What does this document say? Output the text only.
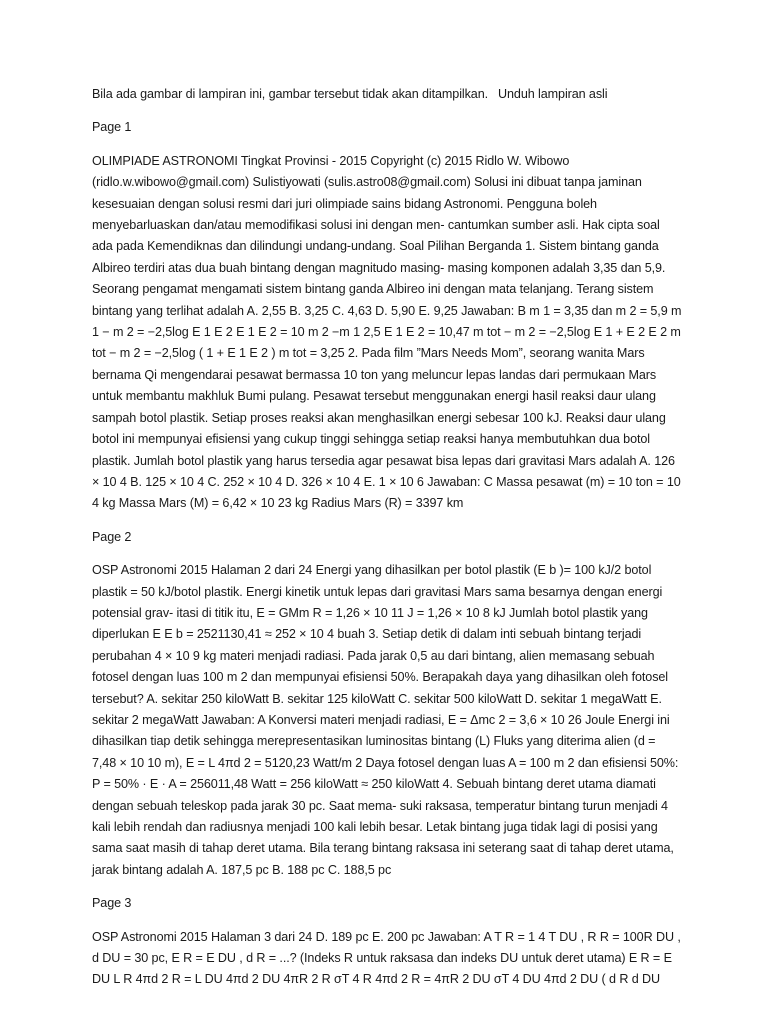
Bila ada gambar di lampiran ini, gambar tersebut tidak akan ditampilkan. Unduh lampiran asli

Page 1

OLIMPIADE ASTRONOMI Tingkat Provinsi - 2015 Copyright (c) 2015 Ridlo W. Wibowo (ridlo.w.wibowo@gmail.com) Sulistiyowati (sulis.astro08@gmail.com) Solusi ini dibuat tanpa jaminan kesesuaian dengan solusi resmi dari juri olimpiade sains bidang Astronomi. Pengguna boleh menyebarluaskan dan/atau memodifikasi solusi ini dengan men- cantumkan sumber asli. Hak cipta soal ada pada Kemendiknas dan dilindungi undang-undang. Soal Pilihan Berganda 1. Sistem bintang ganda Albireo terdiri atas dua buah bintang dengan magnitudo masing- masing komponen adalah 3,35 dan 5,9. Seorang pengamat mengamati sistem bintang ganda Albireo ini dengan mata telanjang. Terang sistem bintang yang terlihat adalah A. 2,55 B. 3,25 C. 4,63 D. 5,90 E. 9,25 Jawaban: B m 1 = 3,35 dan m 2 = 5,9 m 1 − m 2 = −2,5log E 1 E 2 E 1 E 2 = 10 m 2 −m 1 2,5 E 1 E 2 = 10,47 m tot − m 2 = −2,5log E 1 + E 2 E 2 m tot − m 2 = −2,5log ( 1 + E 1 E 2 ) m tot = 3,25 2. Pada film ”Mars Needs Mom”, seorang wanita Mars bernama Qi mengendarai pesawat bermassa 10 ton yang meluncur lepas landas dari permukaan Mars untuk membantu makhluk Bumi pulang. Pesawat tersebut menggunakan energi hasil reaksi daur ulang sampah botol plastik. Setiap proses reaksi akan menghasilkan energi sebesar 100 kJ. Reaksi daur ulang botol ini mempunyai efisiensi yang cukup tinggi sehingga setiap reaksi hanya membutuhkan dua botol plastik. Jumlah botol plastik yang harus tersedia agar pesawat bisa lepas dari gravitasi Mars adalah A. 126 × 10 4 B. 125 × 10 4 C. 252 × 10 4 D. 326 × 10 4 E. 1 × 10 6 Jawaban: C Massa pesawat (m) = 10 ton = 10 4 kg Massa Mars (M) = 6,42 × 10 23 kg Radius Mars (R) = 3397 km

Page 2

OSP Astronomi 2015 Halaman 2 dari 24 Energi yang dihasilkan per botol plastik (E b )= 100 kJ/2 botol plastik = 50 kJ/botol plastik. Energi kinetik untuk lepas dari gravitasi Mars sama besarnya dengan energi potensial grav- itasi di titik itu, E = GMm R = 1,26 × 10 11 J = 1,26 × 10 8 kJ Jumlah botol plastik yang diperlukan E E b = 2521130,41 ≈ 252 × 10 4 buah 3. Setiap detik di dalam inti sebuah bintang terjadi perubahan 4 × 10 9 kg materi menjadi radiasi. Pada jarak 0,5 au dari bintang, alien memasang sebuah fotosel dengan luas 100 m 2 dan mempunyai efisiensi 50%. Berapakah daya yang dihasilkan oleh fotosel tersebut? A. sekitar 250 kiloWatt B. sekitar 125 kiloWatt C. sekitar 500 kiloWatt D. sekitar 1 megaWatt E. sekitar 2 megaWatt Jawaban: A Konversi materi menjadi radiasi, E = Δmc 2 = 3,6 × 10 26 Joule Energi ini dihasilkan tiap detik sehingga merepresentasikan luminositas bintang (L) Fluks yang diterima alien (d = 7,48 × 10 10 m), E = L 4πd 2 = 5120,23 Watt/m 2 Daya fotosel dengan luas A = 100 m 2 dan efisiensi 50%: P = 50% · E · A = 256011,48 Watt = 256 kiloWatt ≈ 250 kiloWatt 4. Sebuah bintang deret utama diamati dengan sebuah teleskop pada jarak 30 pc. Saat mema- suki raksasa, temperatur bintang turun menjadi 4 kali lebih rendah dan radiusnya menjadi 100 kali lebih besar. Letak bintang juga tidak lagi di posisi yang sama saat masih di tahap deret utama. Bila terang bintang raksasa ini seterang saat di tahap deret utama, jarak bintang adalah A. 187,5 pc B. 188 pc C. 188,5 pc

Page 3

OSP Astronomi 2015 Halaman 3 dari 24 D. 189 pc E. 200 pc Jawaban: A T R = 1 4 T DU , R R = 100R DU , d DU = 30 pc, E R = E DU , d R = ...? (Indeks R untuk raksasa dan indeks DU untuk deret utama) E R = E DU L R 4πd 2 R = L DU 4πd 2 DU 4πR 2 R σT 4 R 4πd 2 R = 4πR 2 DU σT 4 DU 4πd 2 DU ( d R d DU
